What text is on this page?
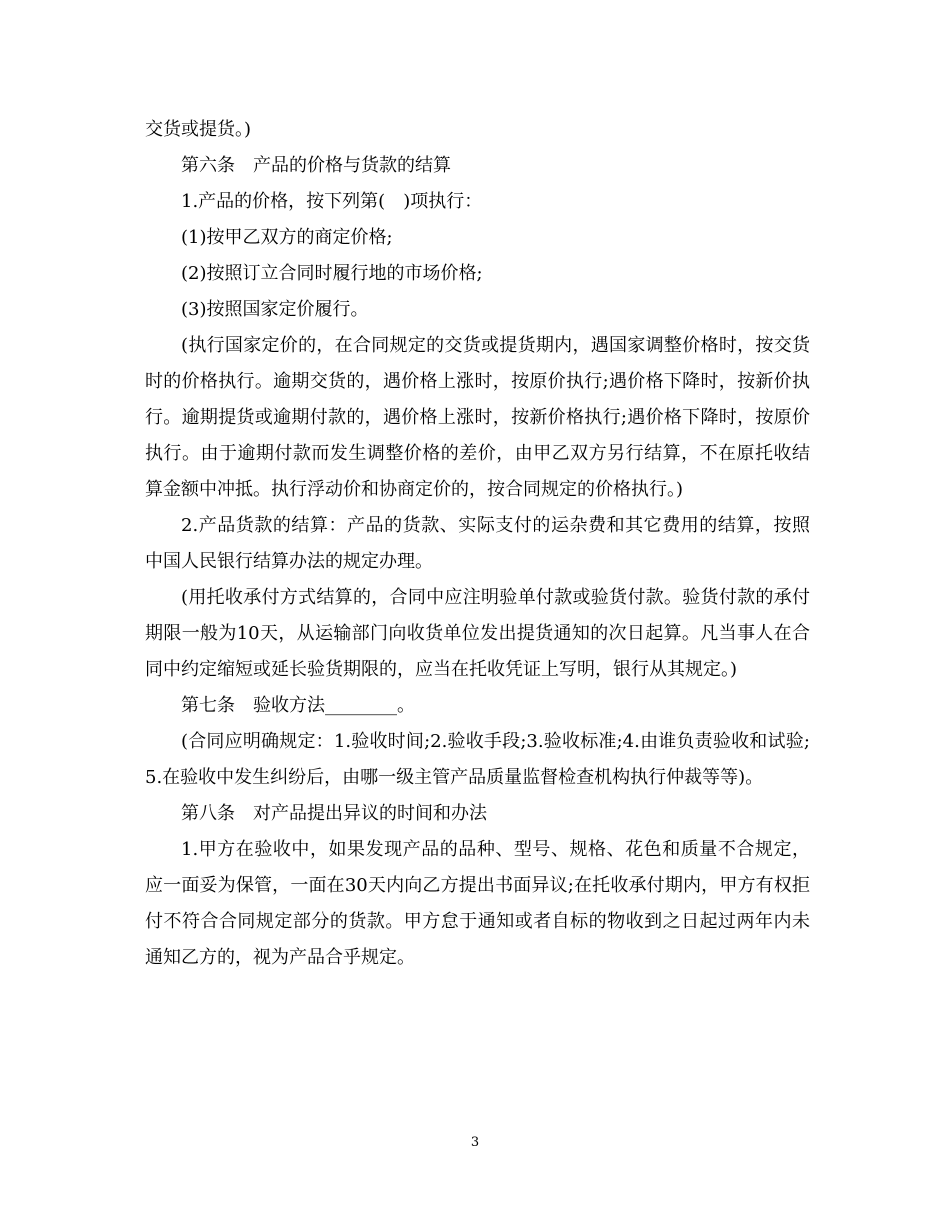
交货或提货。)

第六条　产品的价格与货款的结算

1.产品的价格，按下列第(　)项执行：

(1)按甲乙双方的商定价格;

(2)按照订立合同时履行地的市场价格;

(3)按照国家定价履行。

(执行国家定价的，在合同规定的交货或提货期内，遇国家调整价格时，按交货时的价格执行。逾期交货的，遇价格上涨时，按原价执行;遇价格下降时，按新价执行。逾期提货或逾期付款的，遇价格上涨时，按新价格执行;遇价格下降时，按原价执行。由于逾期付款而发生调整价格的差价，由甲乙双方另行结算，不在原托收结算金额中冲抵。执行浮动价和协商定价的，按合同规定的价格执行。)

2.产品货款的结算：产品的货款、实际支付的运杂费和其它费用的结算，按照中国人民银行结算办法的规定办理。

(用托收承付方式结算的，合同中应注明验单付款或验货付款。验货付款的承付期限一般为10天，从运输部门向收货单位发出提货通知的次日起算。凡当事人在合同中约定缩短或延长验货期限的，应当在托收凭证上写明，银行从其规定。)

第七条　验收方法________。

(合同应明确规定：1.验收时间;2.验收手段;3.验收标准;4.由谁负责验收和试验;5.在验收中发生纠纷后，由哪一级主管产品质量监督检查机构执行仲裁等等)。

第八条　对产品提出异议的时间和办法

1.甲方在验收中，如果发现产品的品种、型号、规格、花色和质量不合规定，应一面妥为保管，一面在30天内向乙方提出书面异议;在托收承付期内，甲方有权拒付不符合合同规定部分的货款。甲方怠于通知或者自标的物收到之日起过两年内未通知乙方的，视为产品合乎规定。

3
